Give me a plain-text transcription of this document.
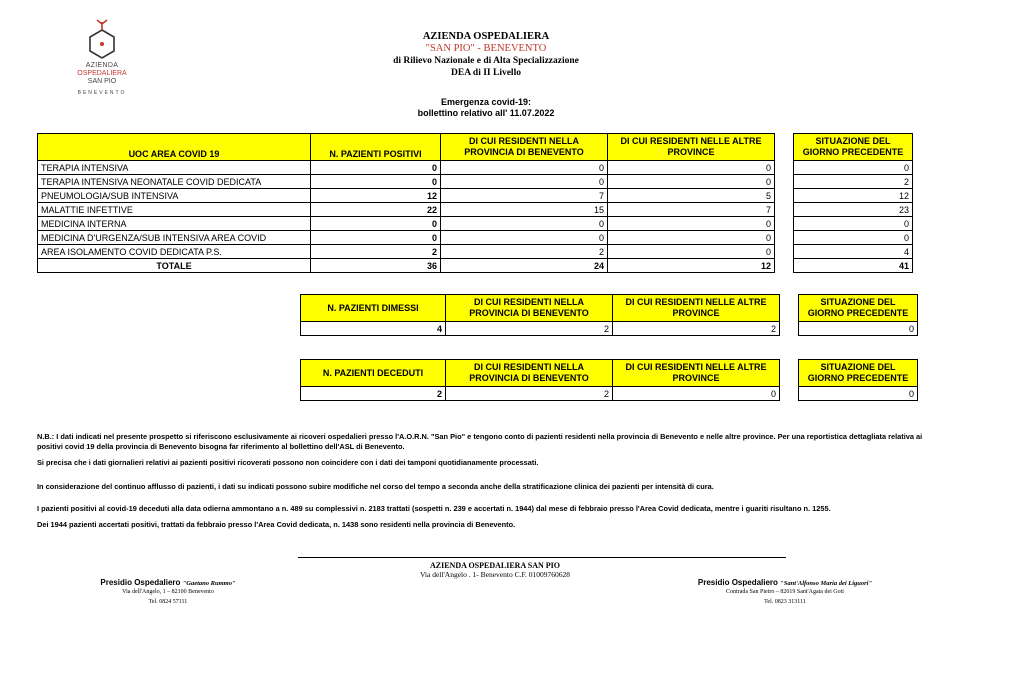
AZIENDA
OSPEDALIERA
SAN PIO
BENEVENTO
AZIENDA OSPEDALIERA
"SAN PIO" - BENEVENTO
di Rilievo Nazionale e di Alta Specializzazione
DEA di II Livello
Emergenza covid-19:
bollettino relativo all' 11.07.2022
UOC AREA COVID 19	N. PAZIENTI POSITIVI	DI CUI RESIDENTI NELLA PROVINCIA DI BENEVENTO	DI CUI RESIDENTI NELLE ALTRE PROVINCE		SITUAZIONE DEL GIORNO PRECEDENTE
TERAPIA INTENSIVA	0	0	0		0
TERAPIA INTENSIVA NEONATALE COVID DEDICATA	0	0	0		2
PNEUMOLOGIA/SUB INTENSIVA	12	7	5		12
MALATTIE INFETTIVE	22	15	7		23
MEDICINA INTERNA	0	0	0		0
MEDICINA D'URGENZA/SUB INTENSIVA AREA COVID	0	0	0		0
AREA ISOLAMENTO COVID DEDICATA P.S.	2	2	0		4
TOTALE	36	24	12		41
N. PAZIENTI DIMESSI	DI CUI RESIDENTI NELLA PROVINCIA DI BENEVENTO	DI CUI RESIDENTI NELLE ALTRE PROVINCE		SITUAZIONE DEL GIORNO PRECEDENTE
4	2	2		0
N. PAZIENTI DECEDUTI	DI CUI RESIDENTI NELLA PROVINCIA DI BENEVENTO	DI CUI RESIDENTI NELLE ALTRE PROVINCE		SITUAZIONE DEL GIORNO PRECEDENTE
2	2	0		0

N.B.: I dati indicati nel presente prospetto si riferiscono esclusivamente ai ricoveri ospedalieri presso l'A.O.R.N. "San Pio" e tengono conto di pazienti residenti nella provincia di Benevento e nelle altre province. Per una reportistica dettagliata relativa ai positivi covid 19 della provincia di Benevento bisogna far riferimento al bollettino dell'ASL di Benevento.

Si precisa che i dati giornalieri relativi ai pazienti positivi ricoverati possono non coincidere con i dati dei tamponi quotidianamente processati.

In considerazione del continuo afflusso di pazienti, i dati su indicati possono subire modifiche nel corso del tempo a seconda anche della stratificazione clinica dei pazienti per intensità di cura.

I pazienti positivi al covid-19 deceduti alla data odierna ammontano a n. 489 su complessivi n. 2183 trattati (sospetti n. 239 e accertati n. 1944) dal mese di febbraio presso l'Area Covid dedicata, mentre i guariti risultano n. 1255.

Dei 1944 pazienti accertati positivi, trattati da febbraio presso l'Area Covid dedicata, n. 1438 sono residenti nella provincia di Benevento.

AZIENDA OSPEDALIERA SAN PIO
Via dell'Angelo . 1- Benevento C.F. 01009760628
Presidio Ospedaliero "Gaetano Rummo"
Via dell'Angelo, 1 – 82100 Benevento
Tel. 0824 57111
Presidio Ospedaliero "Sant'Alfonso Maria dei Liguori"
Contrada San Pietro – 82019 Sant'Agata dei Goti
Tel. 0823 313111
